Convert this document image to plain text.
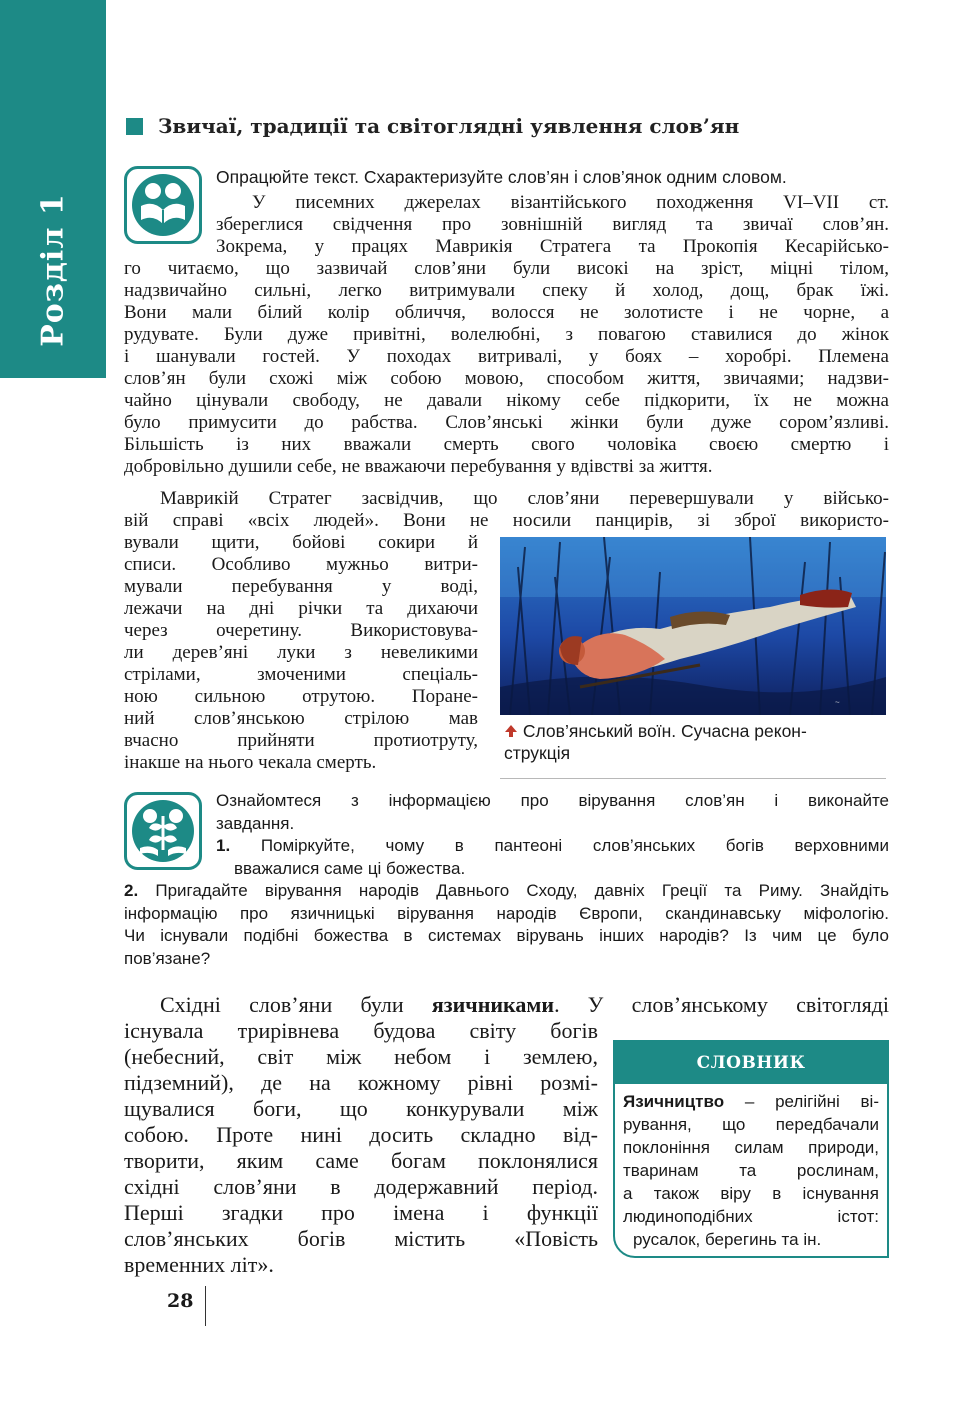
Розділ 1
Звичаї, традиції та світоглядні уявлення слов’ян
Опрацюйте текст. Схарактеризуйте слов’ян і слов’янок одним словом.
У писемних джерелах візантійського походження VI–VII ст.
збереглися свідчення про зовнішній вигляд та звичаї слов’ян.
Зокрема, у працях Маврикія Стратега та Прокопія Кесарійсько-
го читаємо, що зазвичай слов’яни були високі на зріст, міцні тілом,
надзвичайно сильні, легко витримували спеку й холод, дощ, брак їжі.
Вони мали білий колір обличчя, волосся не золотисте і не чорне, а
рудувате. Були дуже привітні, волелюбні, з повагою ставилися до жінок
і шанували гостей. У походах витривалі, у боях – хоробрі. Племена
слов’ян були схожі між собою мовою, способом життя, звичаями; надзви-
чайно цінували свободу, не давали нікому себе підкорити, їх не можна
було примусити до рабства. Слов’янські жінки були дуже сором’язливі.
Більшість із них вважали смерть свого чоловіка своєю смертю і
добровільно душили себе, не вважаючи перебування у вдівстві за життя.
Маврикій Стратег засвідчив, що слов’яни перевершували у військо-
вій справі «всіх людей». Вони не носили панцирів, зі зброї використо-
вували щити, бойові сокири й
списи. Особливо мужньо витри-
мували перебування у воді,
лежачи на дні річки та дихаючи
через очеретину. Використовува-
ли дерев’яні луки з невеликими
стрілами, змоченими спеціаль-
ною сильною отрутою. Поране-
ний слов’янською стрілою мав
вчасно прийняти протиотруту,
інакше на нього чекала смерть.
~
Слов’янський воїн. Сучасна рекон-
струкція
Ознайомтеся з інформацією про вірування слов’ян і виконайте
завдання.
1. Поміркуйте, чому в пантеоні слов’янських богів верховними
вважалися саме ці божества.
2. Пригадайте вірування народів Давнього Сходу, давніх Греції та Риму. Знайдіть
інформацію про язичницькі вірування народів Європи, скандинавську міфологію.
Чи існували подібні божества в системах вірувань інших народів? Із чим це було
пов’язане?
Східні слов’яни були язичниками. У слов’янському світогляді
існувала трирівнева будова світу богів
(небесний, світ між небом і землею,
підземний), де на кожному рівні розмі-
щувалися боги, що конкурували між
собою. Проте нині досить складно від-
творити, яким саме богам поклонялися
східні слов’яни в додержавний період.
Перші згадки про імена і функції
слов’янських богів містить «Повість
временних літ».
СЛОВНИК
Язичництво – релігійні ві-
рування, що передбачали
поклоніння силам природи,
тваринам та рослинам,
а також віру в існування
людиноподібних істот:
русалок, берегинь та ін.
28
